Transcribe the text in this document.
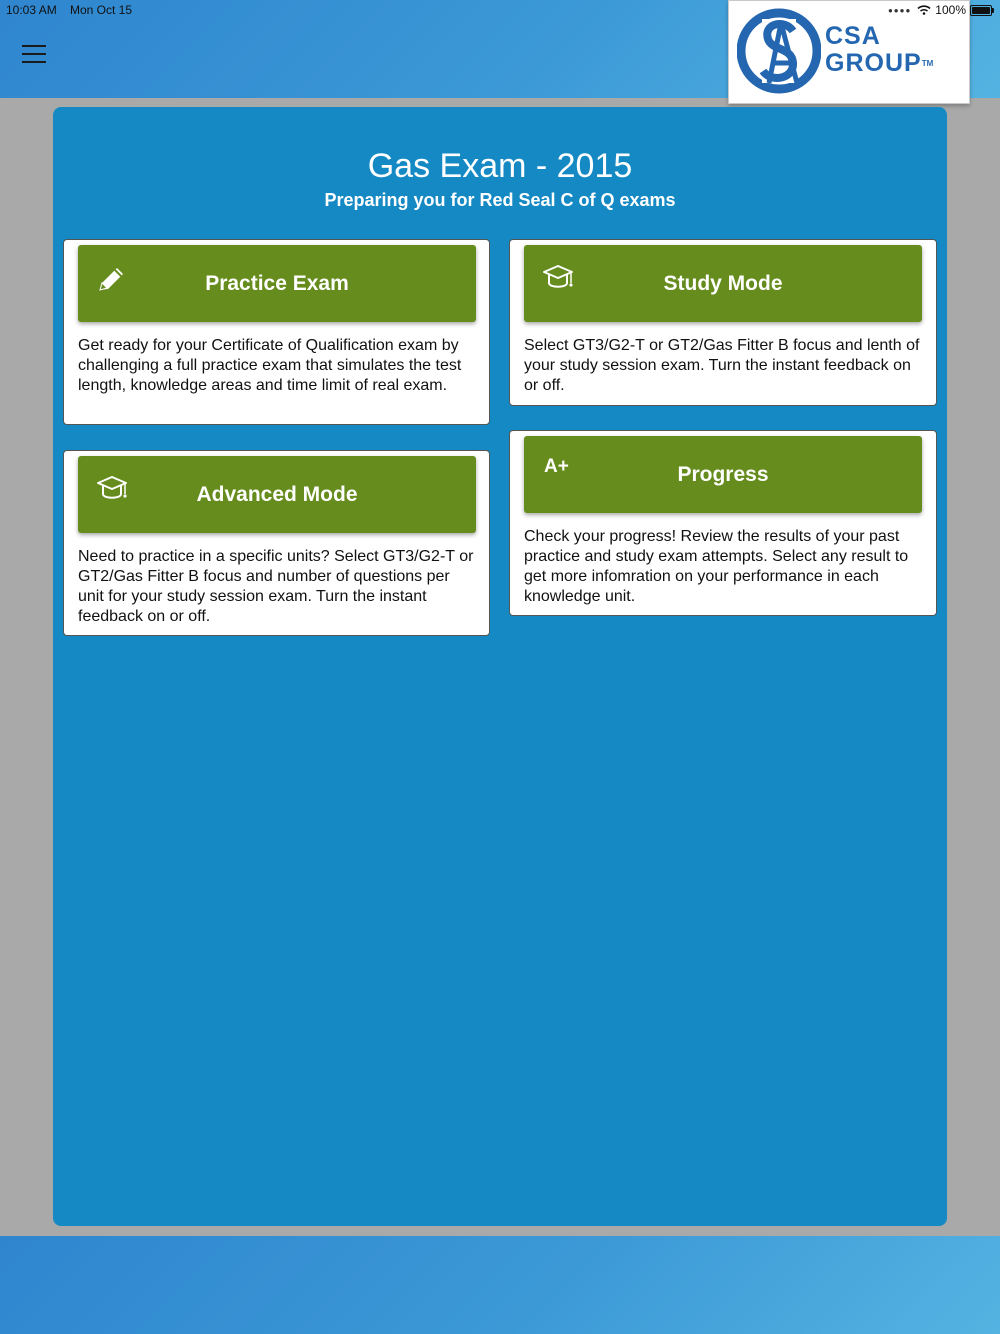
10:03 AM Mon Oct 15
CSA
GROUP™
●●●● 100%
Gas Exam - 2015
Preparing you for Red Seal C of Q exams
Practice Exam
Get ready for your Certificate of Qualification exam by challenging a full practice exam that simulates the test length, knowledge areas and time limit of real exam.
Study Mode
Select GT3/G2-T or GT2/Gas Fitter B focus and lenth of your study session exam. Turn the instant feedback on or off.
Advanced Mode
Need to practice in a specific units? Select GT3/G2-T or GT2/Gas Fitter B focus and number of questions per unit for your study session exam. Turn the instant feedback on or off.
A+	Progress
Check your progress! Review the results of your past practice and study exam attempts. Select any result to get more infomration on your performance in each knowledge unit.
